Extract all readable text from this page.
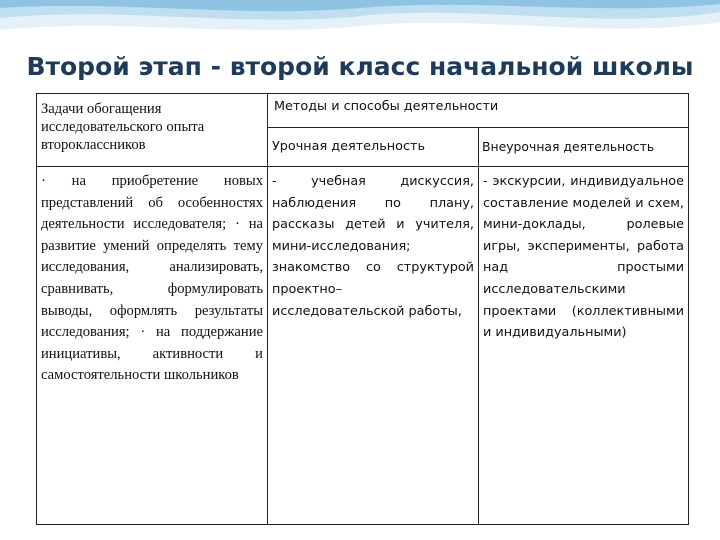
Второй этап - второй класс начальной школы
Задачи обогащения исследовательского опыта второклассников	Методы и способы деятельности	
	Урочная деятельность	Внеурочная деятельность
· на приобретение новых представлений об особенностях деятельности исследователя; · на развитие умений определять тему исследования, анализировать, сравнивать, формулировать выводы, оформлять результаты исследования; · на поддержание инициативы, активности и самостоятельности школьников	- учебная дискуссия, наблюдения по плану, рассказы детей и учителя, мини-исследования; знакомство со структурой проектно– исследовательской работы,	- экскурсии, индивидуальное составление моделей и схем, мини-доклады, ролевые игры, эксперименты, работа над простыми исследовательскими проектами (коллективными и индивидуальными)
